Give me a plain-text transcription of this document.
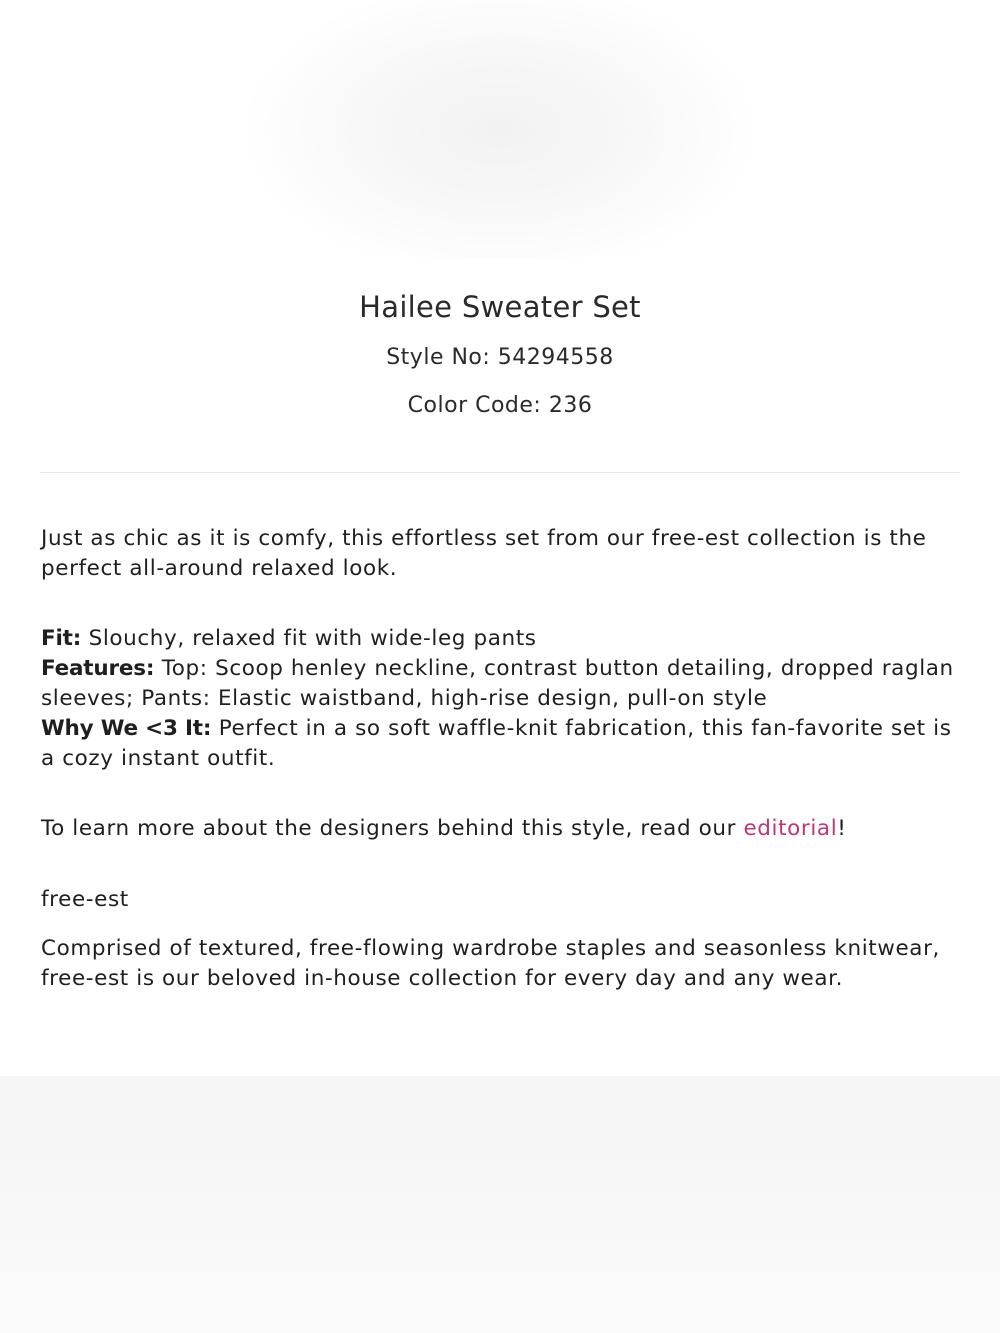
Hailee Sweater Set
Style No: 54294558
Color Code: 236

Just as chic as it is comfy, this effortless set from our free-est collection is the perfect all-around relaxed look.

Fit: Slouchy, relaxed fit with wide-leg pants

Features: Top: Scoop henley neckline, contrast button detailing, dropped raglan sleeves; Pants: Elastic waistband, high-rise design, pull-on style

Why We <3 It: Perfect in a so soft waffle-knit fabrication, this fan-favorite set is a cozy instant outfit.

To learn more about the designers behind this style, read our editorial!

free-est

Comprised of textured, free-flowing wardrobe staples and seasonless knitwear, free-est is our beloved in-house collection for every day and any wear.
